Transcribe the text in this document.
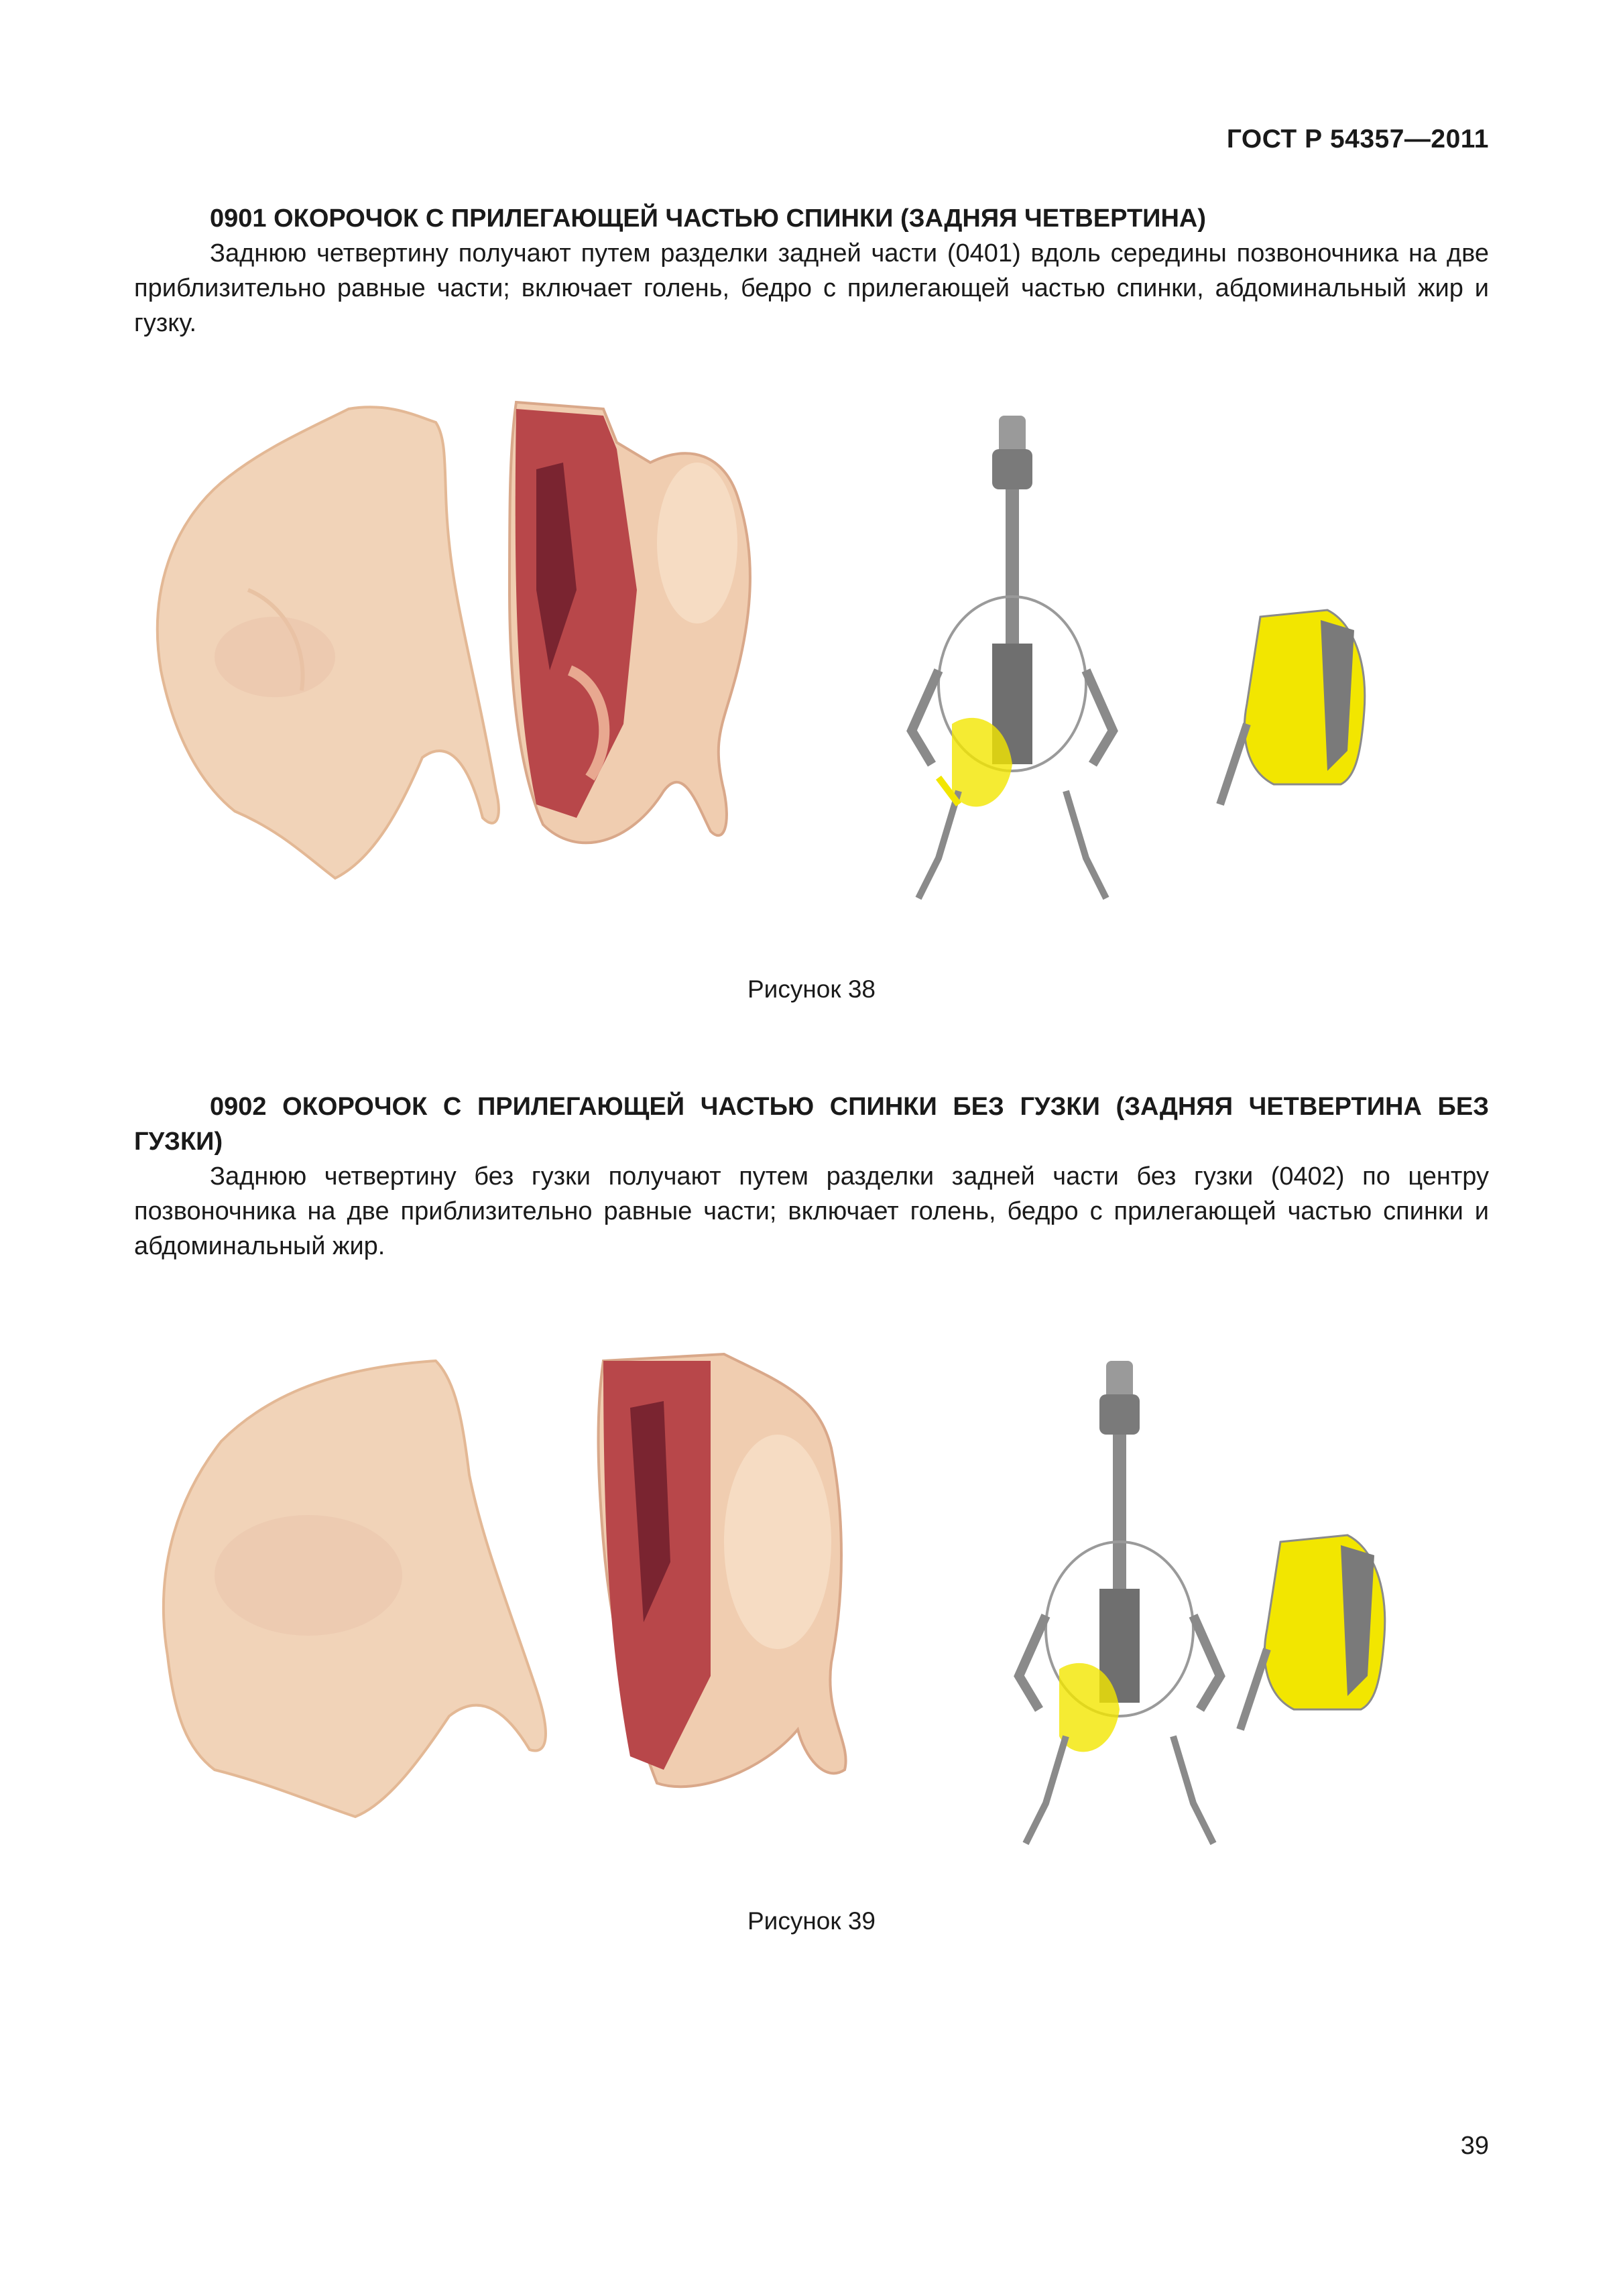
ГОСТ Р 54357—2011

0901 ОКОРОЧОК С ПРИЛЕГАЮЩЕЙ ЧАСТЬЮ СПИНКИ (ЗАДНЯЯ ЧЕТВЕРТИНА)

Заднюю четвертину получают путем разделки задней части (0401) вдоль середины позвоночника на две приблизительно равные части; включает голень, бедро с прилегающей частью спинки, абдоминальный жир и гузку.

Рисунок 38

0902 ОКОРОЧОК С ПРИЛЕГАЮЩЕЙ ЧАСТЬЮ СПИНКИ БЕЗ ГУЗКИ (ЗАДНЯЯ ЧЕТВЕРТИНА БЕЗ ГУЗКИ)

Заднюю четвертину без гузки получают путем разделки задней части без гузки (0402) по центру позвоночника на две приблизительно равные части; включает голень, бедро с прилегающей частью спинки и абдоминальный жир.

Рисунок 39
39
